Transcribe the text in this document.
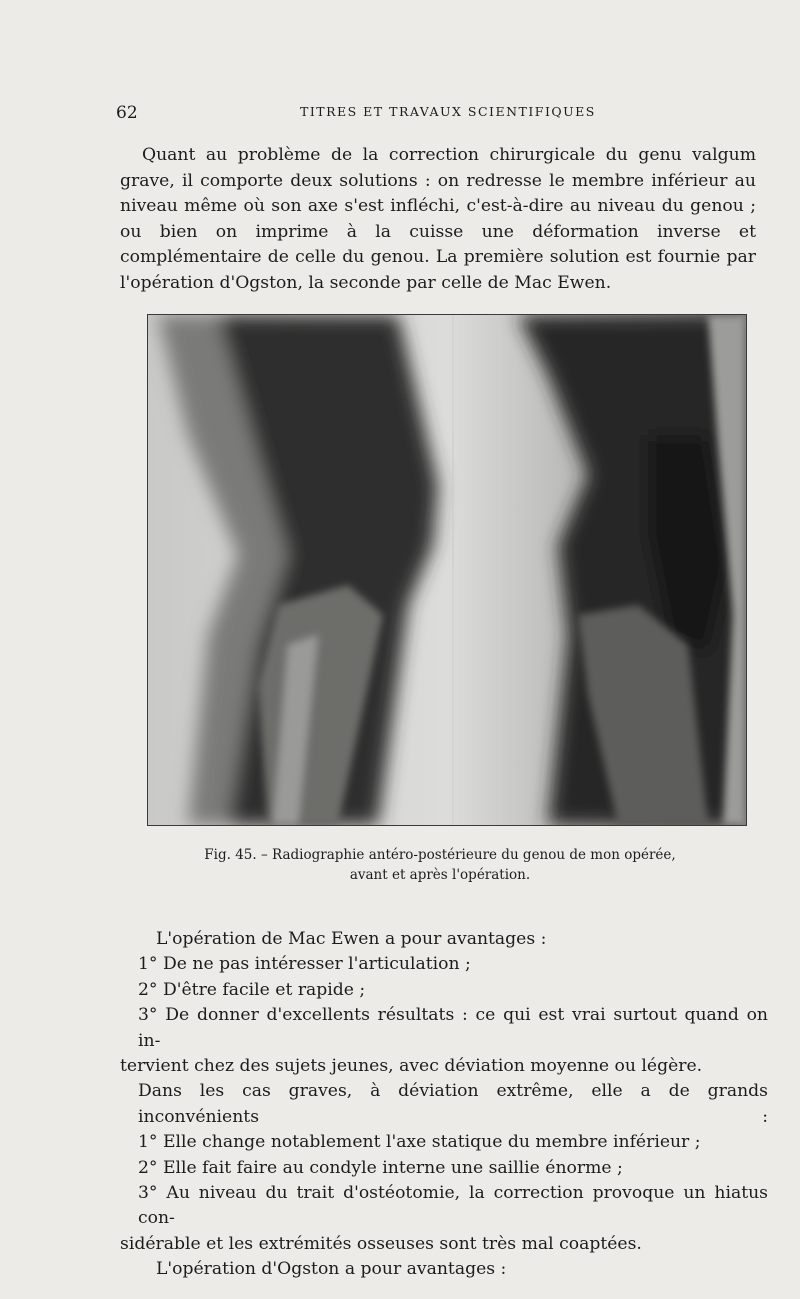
62	TITRES ET TRAVAUX SCIENTIFIQUES

Quant au problème de la correction chirurgicale du genu valgum grave, il comporte deux solutions : on redresse le membre inférieur au niveau même où son axe s'est infléchi, c'est-à-dire au niveau du genou ; ou bien on imprime à la cuisse une déformation inverse et complémentaire de celle du genou. La première solution est fournie par l'opération d'Ogston, la seconde par celle de Mac Ewen.

Fig. 45. – Radiographie antéro-postérieure du genou de mon opérée,
avant et après l'opération.

L'opération de Mac Ewen a pour avantages :
1° De ne pas intéresser l'articulation ;
2° D'être facile et rapide ;
3° De donner d'excellents résultats : ce qui est vrai surtout quand on in-
tervient chez des sujets jeunes, avec déviation moyenne ou légère.
Dans les cas graves, à déviation extrême, elle a de grands inconvénients :
1° Elle change notablement l'axe statique du membre inférieur ;
2° Elle fait faire au condyle interne une saillie énorme ;
3° Au niveau du trait d'ostéotomie, la correction provoque un hiatus con-
sidérable et les extrémités osseuses sont très mal coaptées.
L'opération d'Ogston a pour avantages :
